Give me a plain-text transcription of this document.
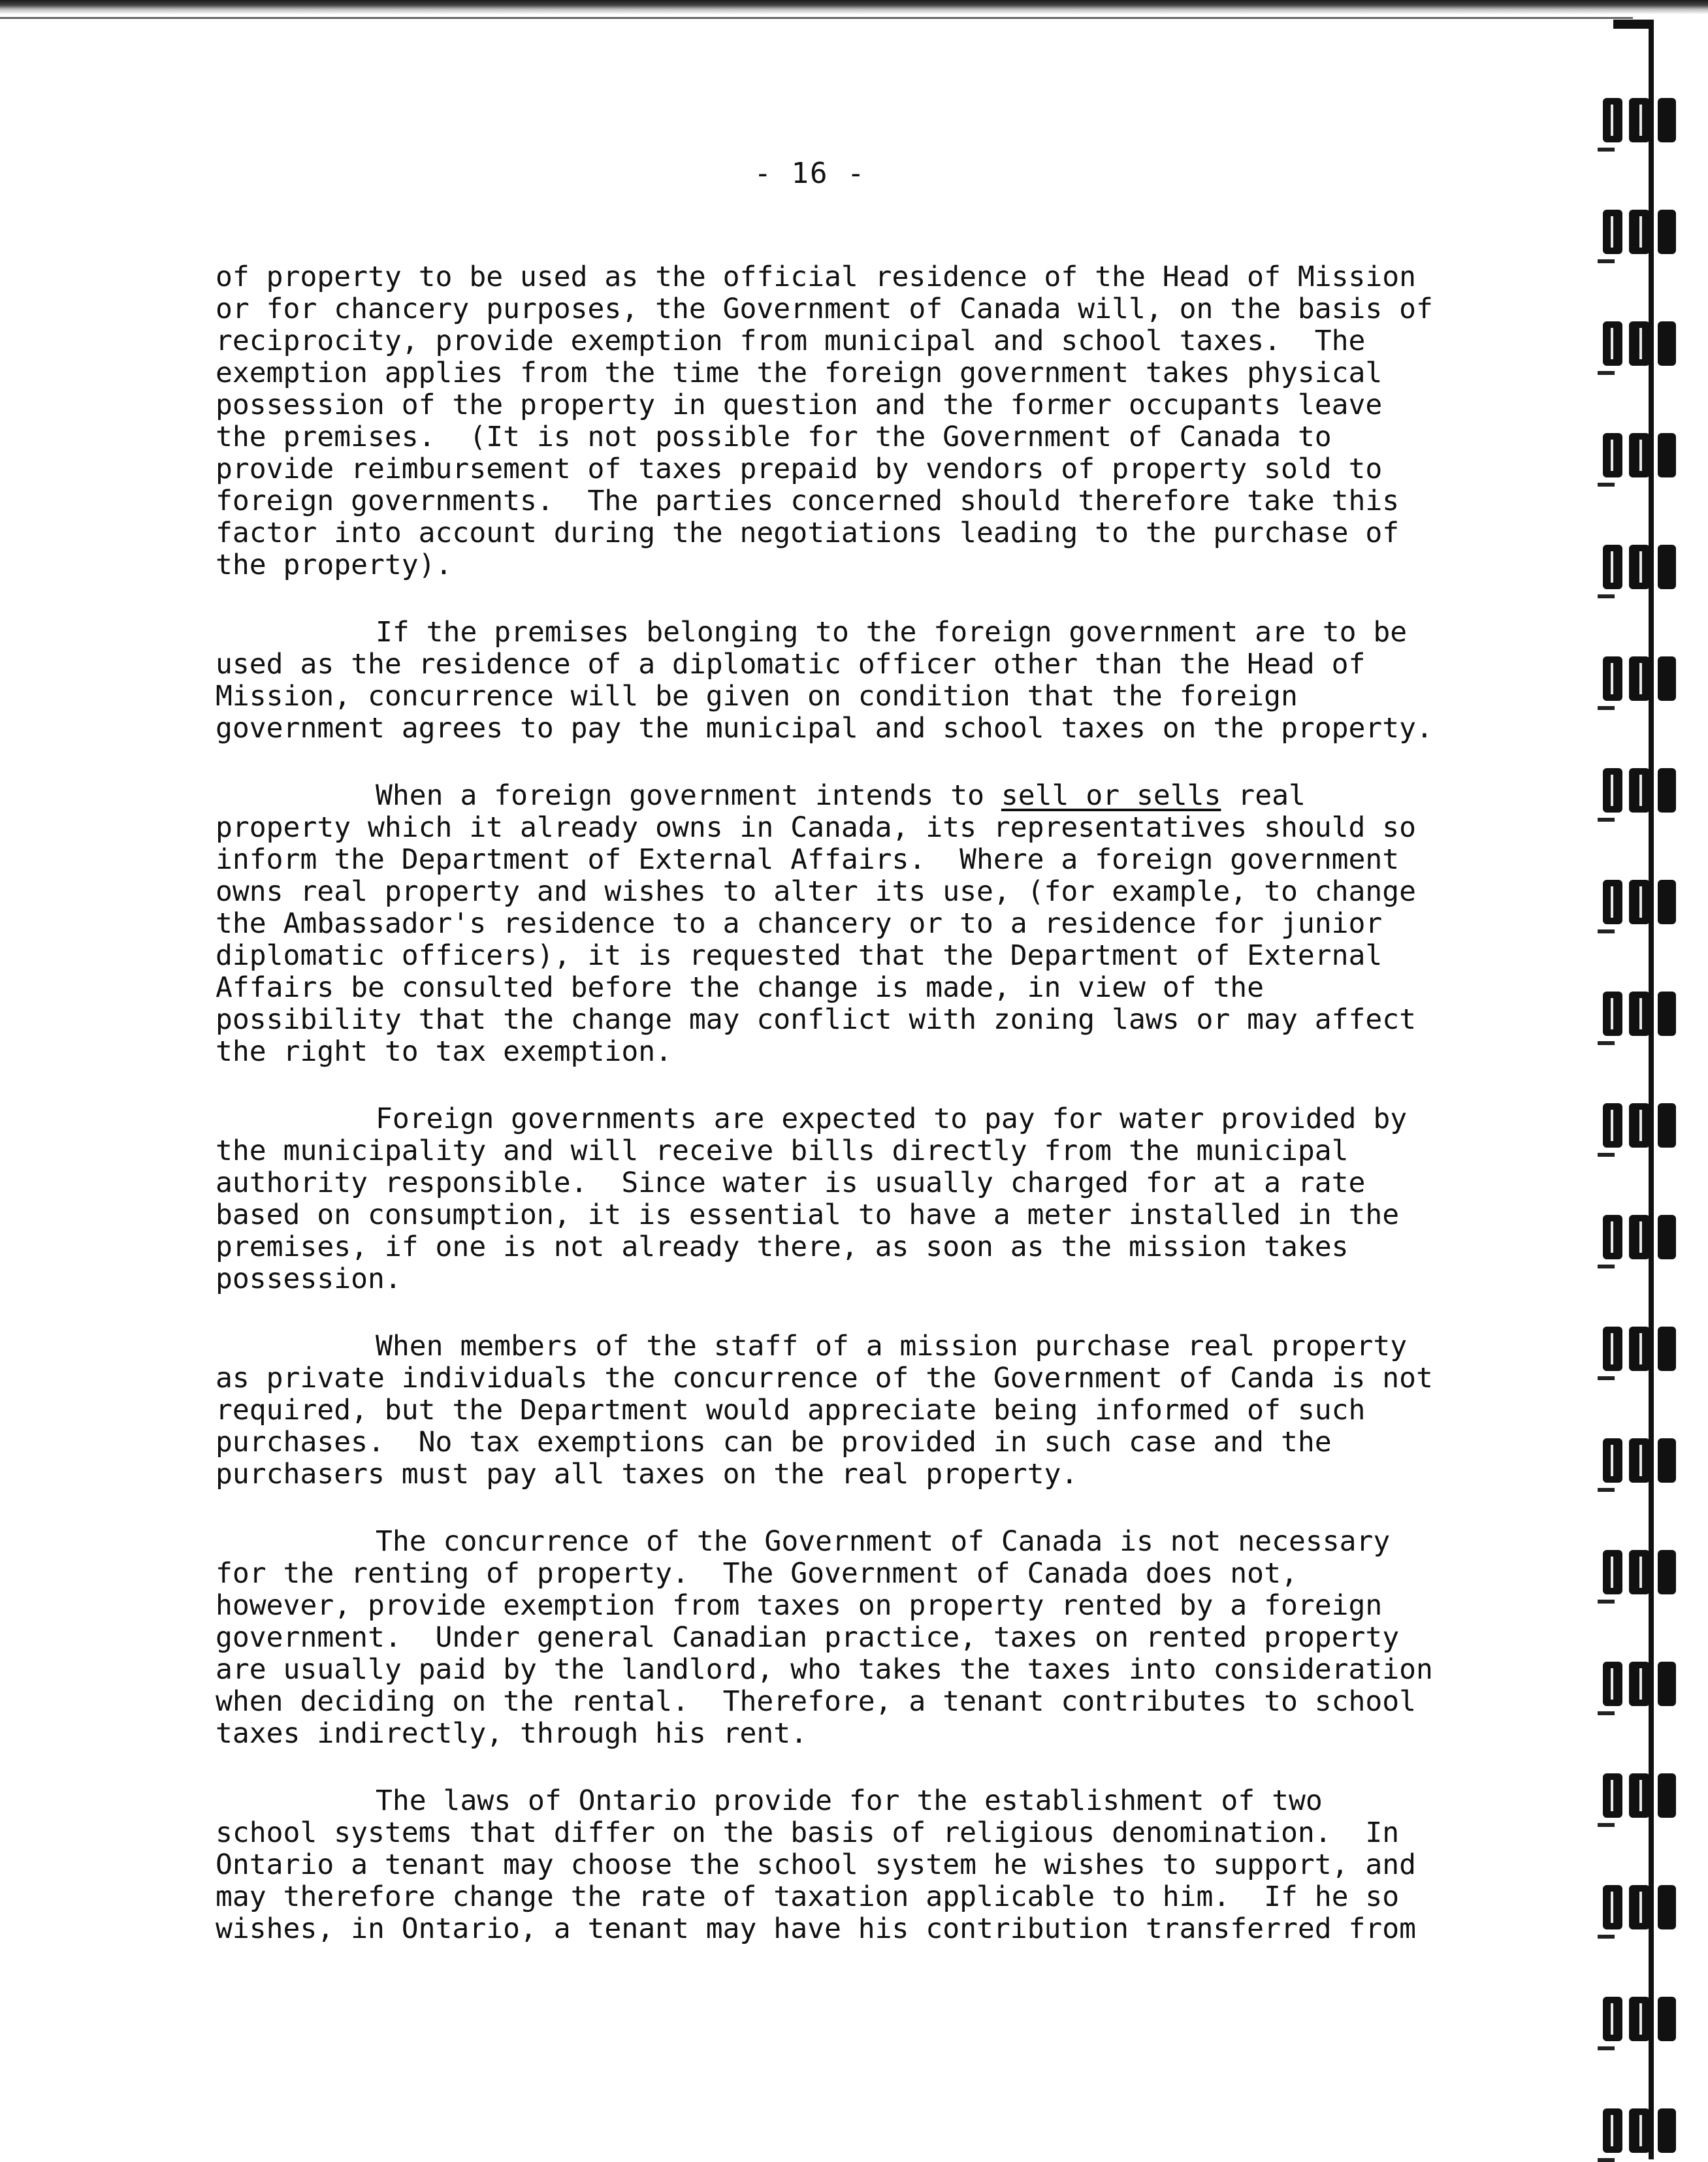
- 16 -
of property to be used as the official residence of the Head of Mission
or for chancery purposes, the Government of Canada will, on the basis of
reciprocity, provide exemption from municipal and school taxes.  The
exemption applies from the time the foreign government takes physical
possession of the property in question and the former occupants leave
the premises.  (It is not possible for the Government of Canada to
provide reimbursement of taxes prepaid by vendors of property sold to
foreign governments.  The parties concerned should therefore take this
factor into account during the negotiations leading to the purchase of
the property).
If the premises belonging to the foreign government are to be
used as the residence of a diplomatic officer other than the Head of
Mission, concurrence will be given on condition that the foreign
government agrees to pay the municipal and school taxes on the property.
When a foreign government intends to sell or sells real
property which it already owns in Canada, its representatives should so
inform the Department of External Affairs.  Where a foreign government
owns real property and wishes to alter its use, (for example, to change
the Ambassador's residence to a chancery or to a residence for junior
diplomatic officers), it is requested that the Department of External
Affairs be consulted before the change is made, in view of the
possibility that the change may conflict with zoning laws or may affect
the right to tax exemption.
Foreign governments are expected to pay for water provided by
the municipality and will receive bills directly from the municipal
authority responsible.  Since water is usually charged for at a rate
based on consumption, it is essential to have a meter installed in the
premises, if one is not already there, as soon as the mission takes
possession.
When members of the staff of a mission purchase real property
as private individuals the concurrence of the Government of Canda is not
required, but the Department would appreciate being informed of such
purchases.  No tax exemptions can be provided in such case and the
purchasers must pay all taxes on the real property.
The concurrence of the Government of Canada is not necessary
for the renting of property.  The Government of Canada does not,
however, provide exemption from taxes on property rented by a foreign
government.  Under general Canadian practice, taxes on rented property
are usually paid by the landlord, who takes the taxes into consideration
when deciding on the rental.  Therefore, a tenant contributes to school
taxes indirectly, through his rent.
The laws of Ontario provide for the establishment of two
school systems that differ on the basis of religious denomination.  In
Ontario a tenant may choose the school system he wishes to support, and
may therefore change the rate of taxation applicable to him.  If he so
wishes, in Ontario, a tenant may have his contribution transferred from
